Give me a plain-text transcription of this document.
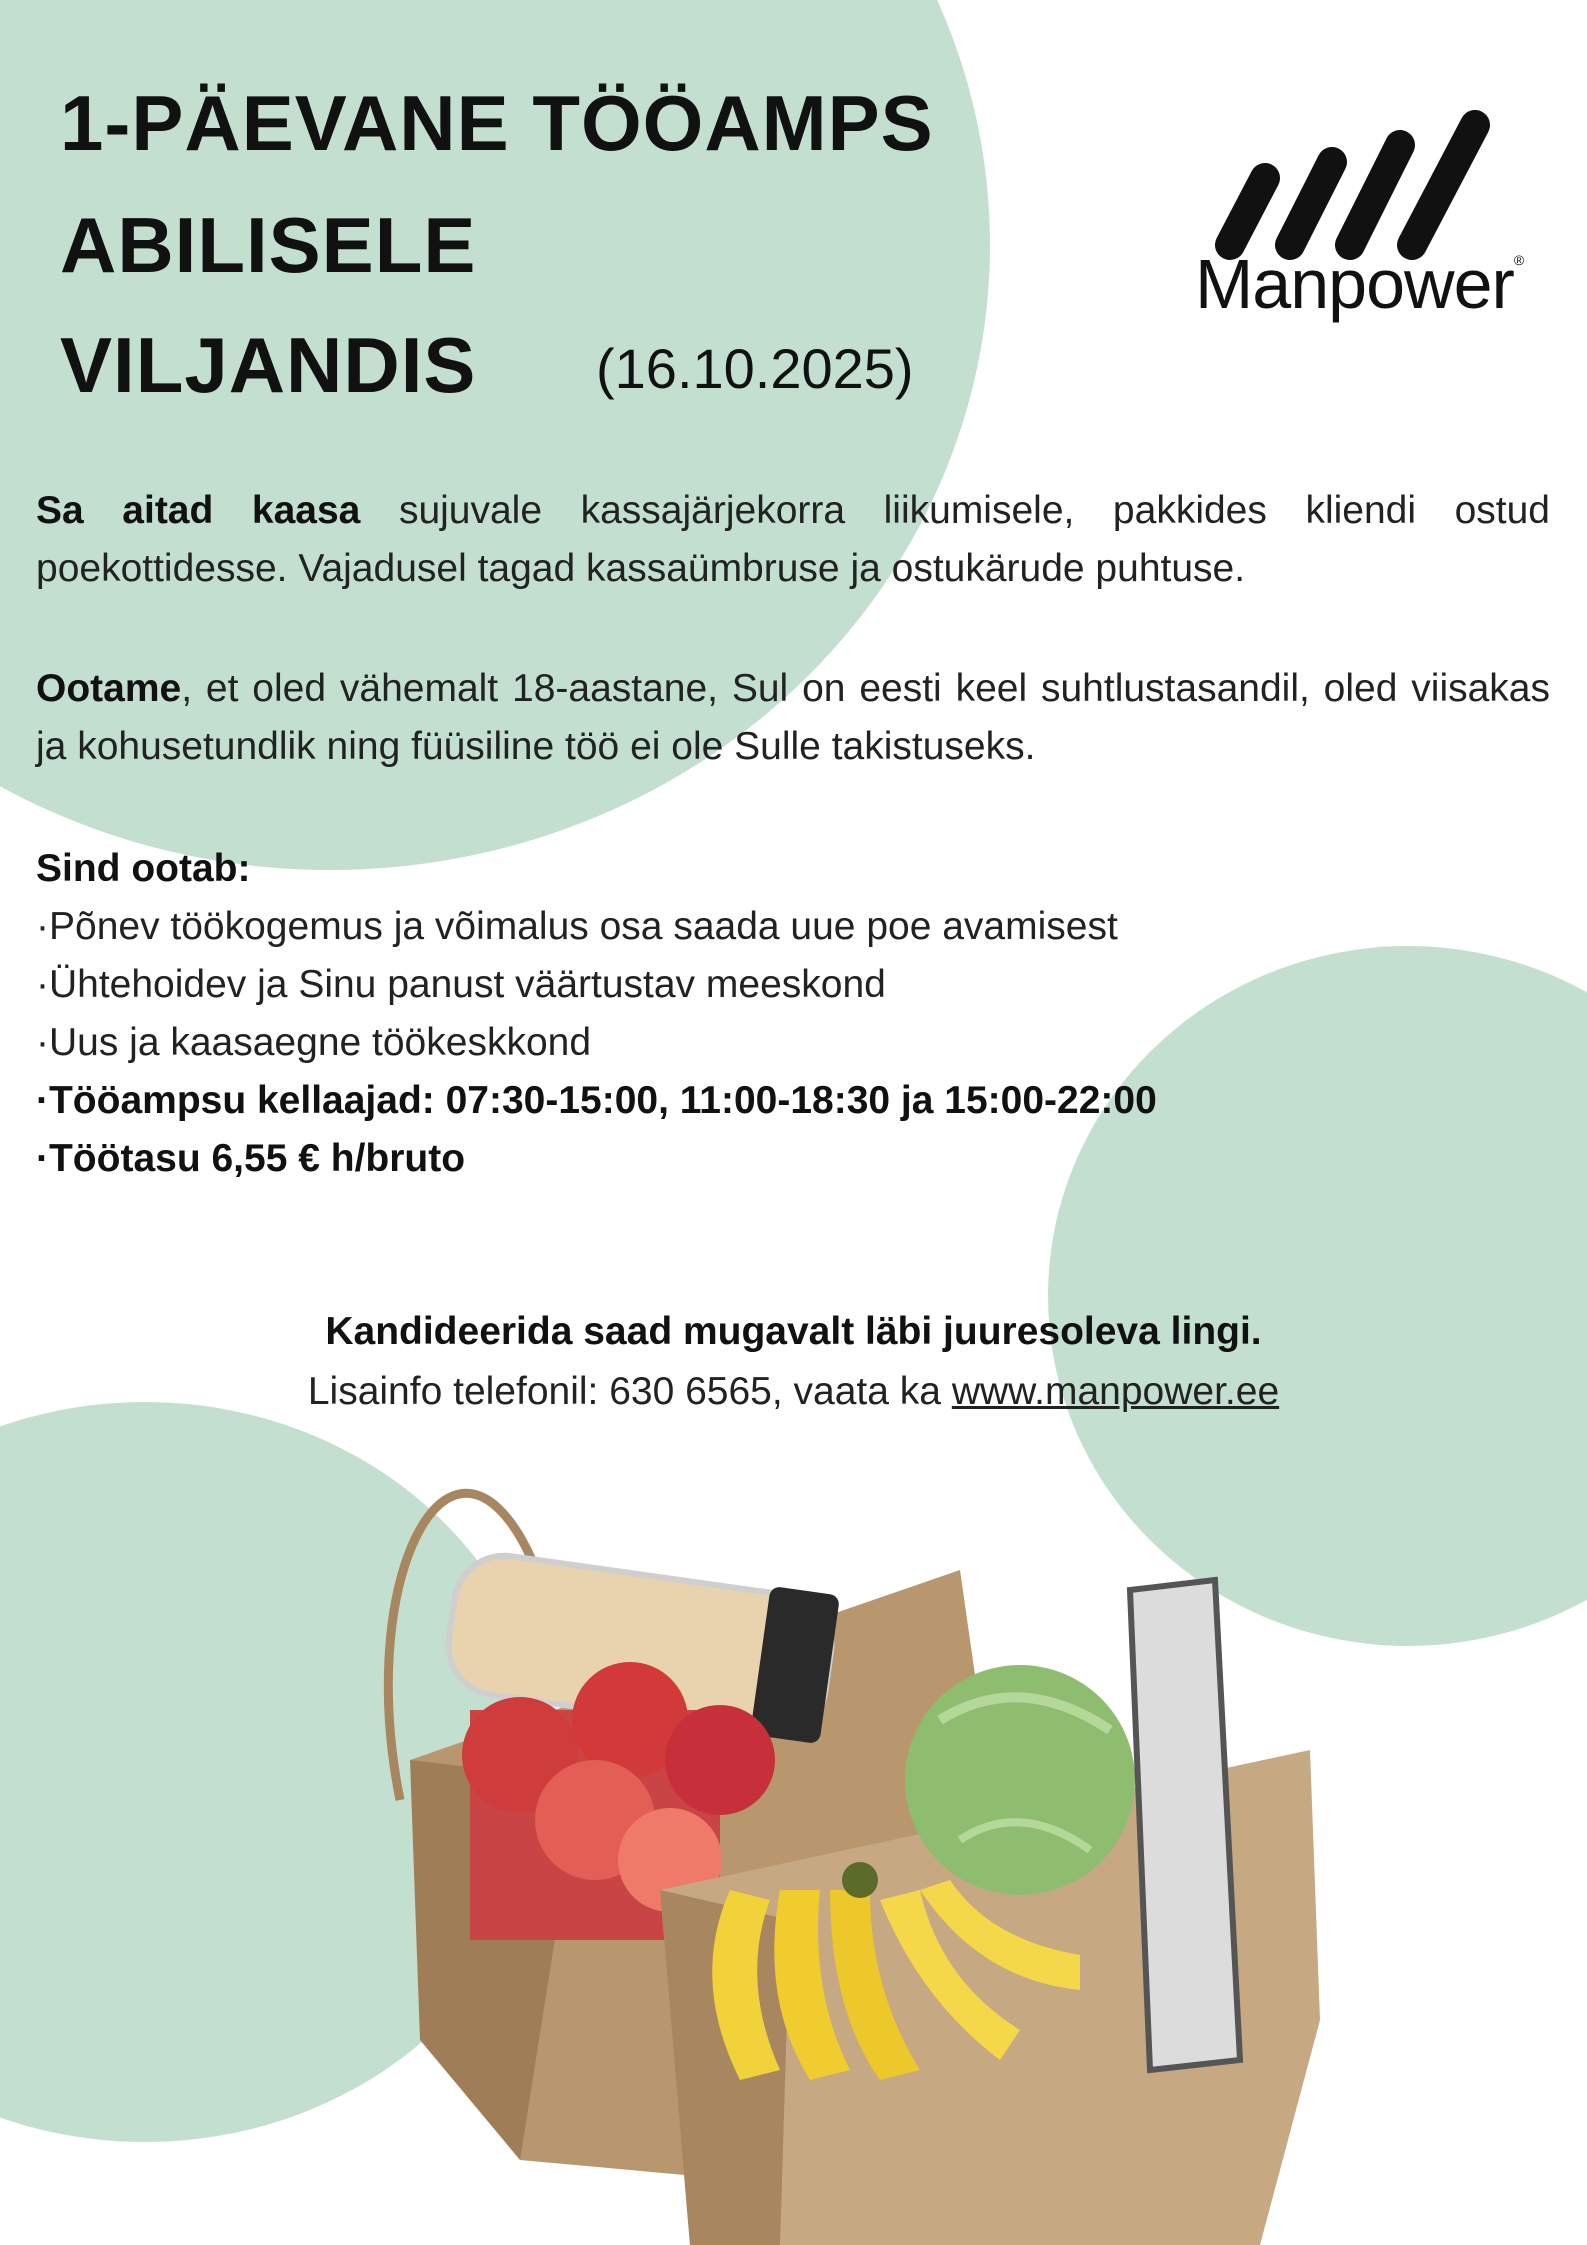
1-PÄEVANE TÖÖAMPS
ABILISELE
VILJANDIS (16.10.2025)
Manpower®

Sa aitad kaasa sujuvale kassajärjekorra liikumisele, pakkides kliendi ostud poekottidesse. Vajadusel tagad kassaümbruse ja ostukärude puhtuse.

Ootame, et oled vähemalt 18-aastane, Sul on eesti keel suhtlustasandil, oled viisakas ja kohusetundlik ning füüsiline töö ei ole Sulle takistuseks.

Sind ootab:
·Põnev töökogemus ja võimalus osa saada uue poe avamisest
·Ühtehoidev ja Sinu panust väärtustav meeskond
·Uus ja kaasaegne töökeskkond
·Tööampsu kellaajad: 07:30-15:00, 11:00-18:30 ja 15:00-22:00
·Töötasu 6,55 € h/bruto
Kandideerida saad mugavalt läbi juuresoleva lingi.
Lisainfo telefonil: 630 6565, vaata ka www.manpower.ee
